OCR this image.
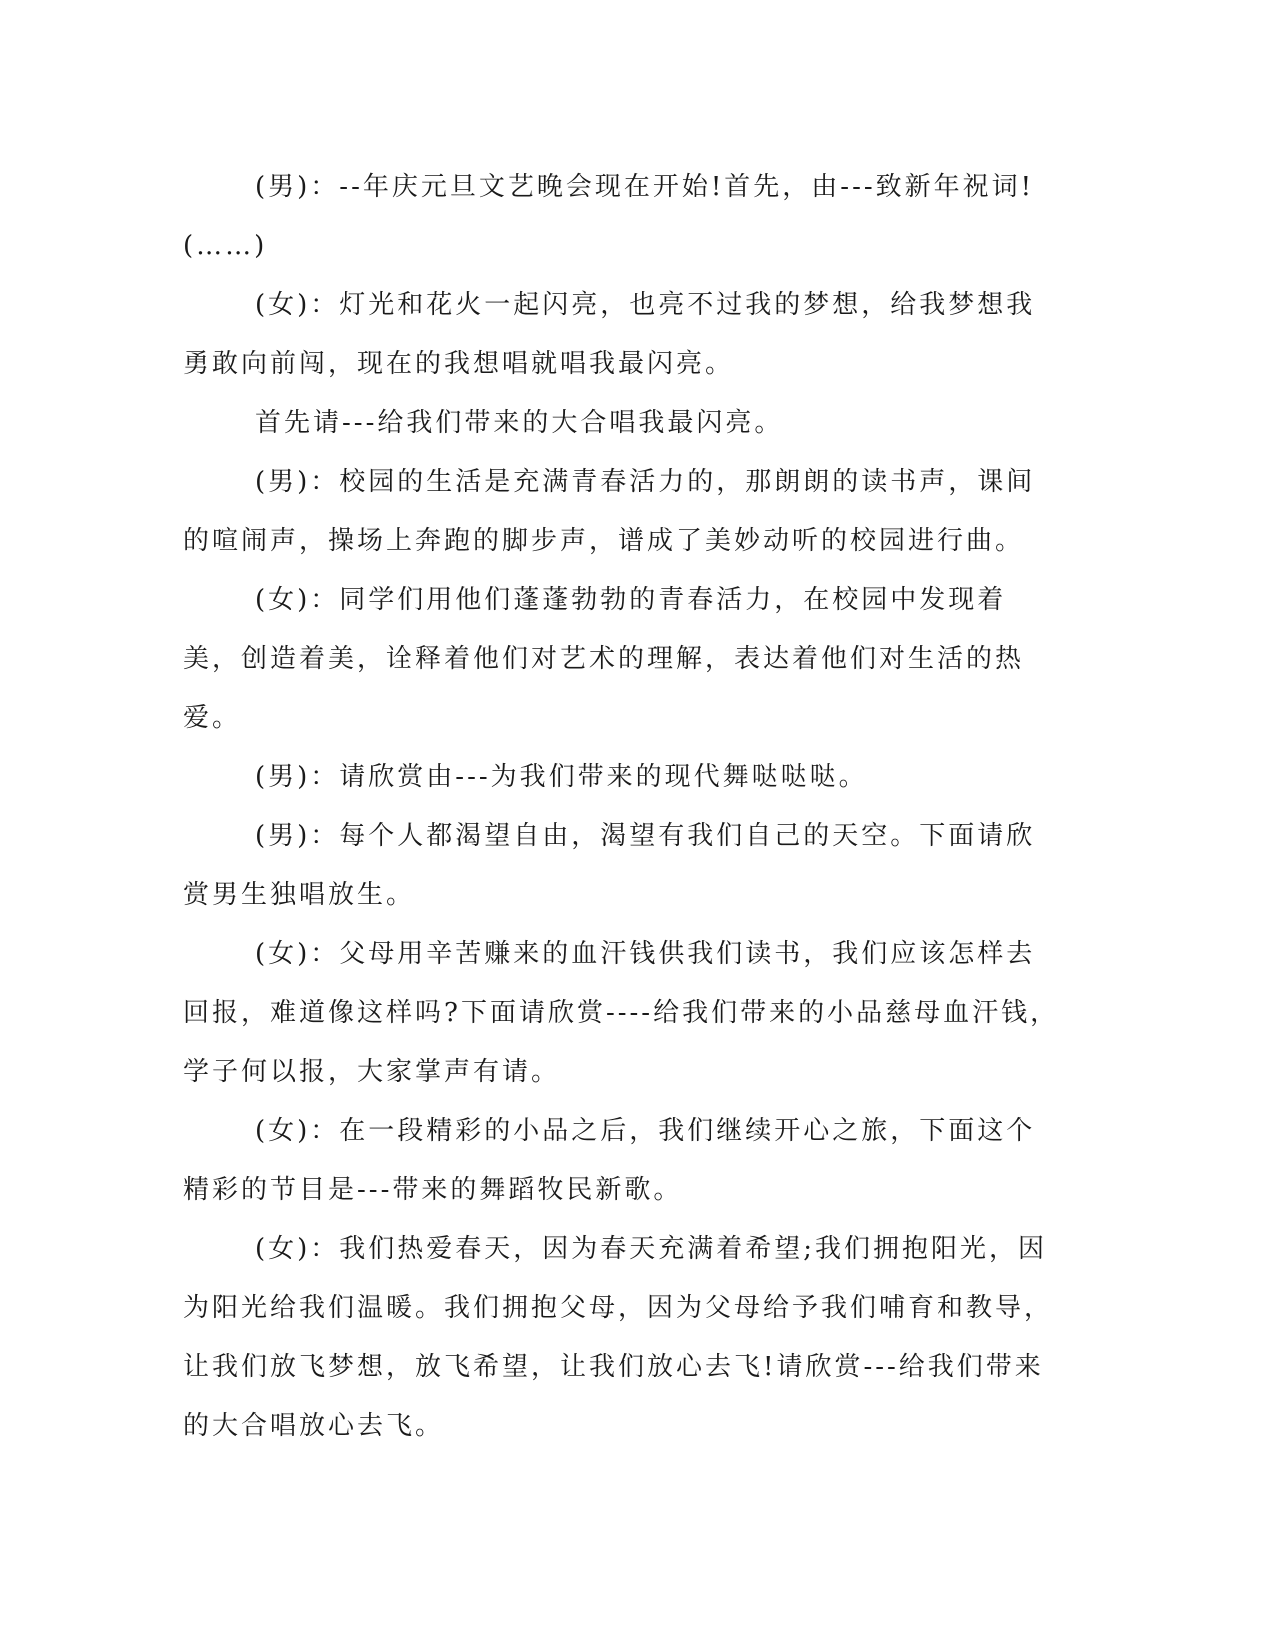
(男)：--年庆元旦文艺晚会现在开始!首先，由---致新年祝词!(……)

(女)：灯光和花火一起闪亮，也亮不过我的梦想，给我梦想我勇敢向前闯，现在的我想唱就唱我最闪亮。

首先请---给我们带来的大合唱我最闪亮。

(男)：校园的生活是充满青春活力的，那朗朗的读书声，课间的喧闹声，操场上奔跑的脚步声，谱成了美妙动听的校园进行曲。

(女)：同学们用他们蓬蓬勃勃的青春活力，在校园中发现着美，创造着美，诠释着他们对艺术的理解，表达着他们对生活的热爱。

(男)：请欣赏由---为我们带来的现代舞哒哒哒。

(男)：每个人都渴望自由，渴望有我们自己的天空。下面请欣赏男生独唱放生。

(女)：父母用辛苦赚来的血汗钱供我们读书，我们应该怎样去回报，难道像这样吗?下面请欣赏----给我们带来的小品慈母血汗钱，学子何以报，大家掌声有请。

(女)：在一段精彩的小品之后，我们继续开心之旅，下面这个精彩的节目是---带来的舞蹈牧民新歌。

(女)：我们热爱春天，因为春天充满着希望;我们拥抱阳光，因为阳光给我们温暖。我们拥抱父母，因为父母给予我们哺育和教导，让我们放飞梦想，放飞希望，让我们放心去飞!请欣赏---给我们带来的大合唱放心去飞。
